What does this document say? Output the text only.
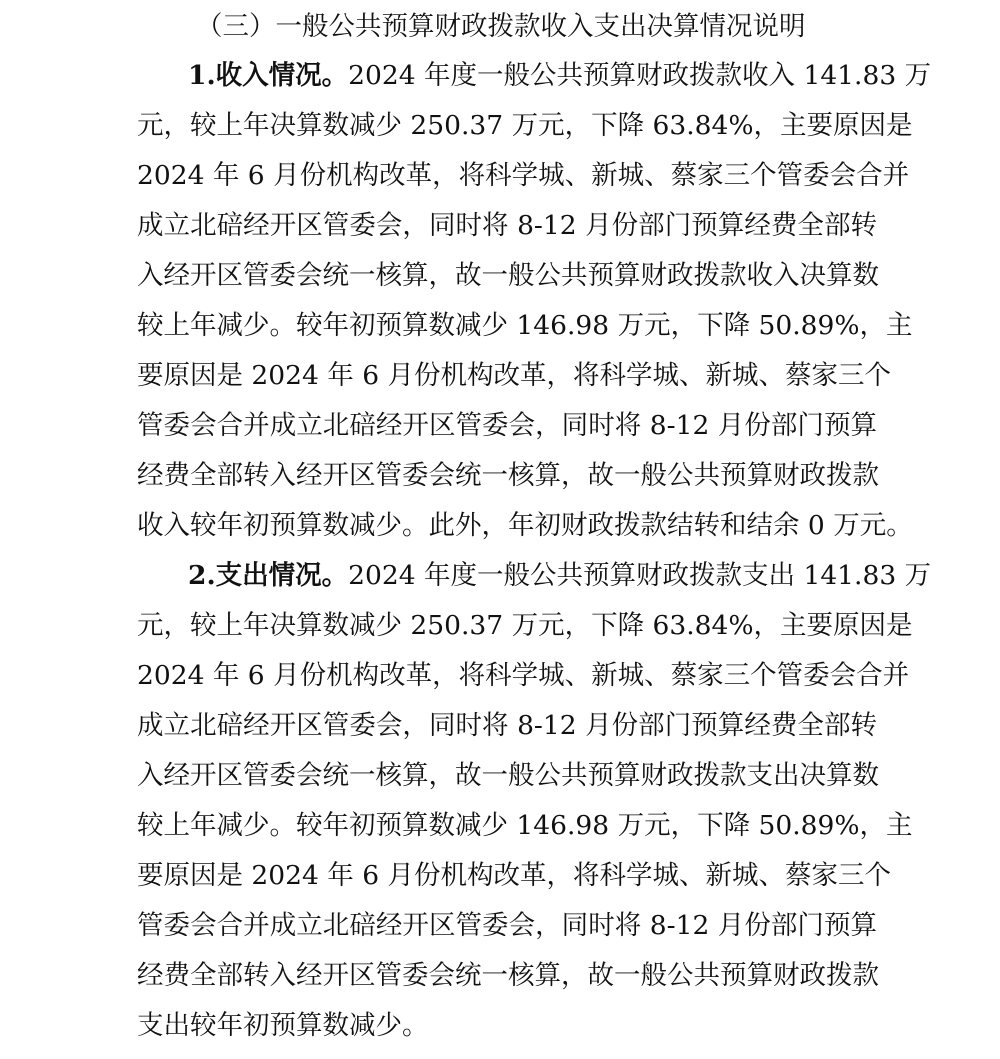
（三）一般公共预算财政拨款收入支出决算情况说明
1.收入情况。2024 年度一般公共预算财政拨款收入 141.83 万
元，较上年决算数减少 250.37 万元，下降 63.84%，主要原因是
2024 年 6 月份机构改革，将科学城、新城、蔡家三个管委会合并
成立北碚经开区管委会，同时将 8-12 月份部门预算经费全部转
入经开区管委会统一核算，故一般公共预算财政拨款收入决算数
较上年减少。较年初预算数减少 146.98 万元，下降 50.89%，主
要原因是 2024 年 6 月份机构改革，将科学城、新城、蔡家三个
管委会合并成立北碚经开区管委会，同时将 8-12 月份部门预算
经费全部转入经开区管委会统一核算，故一般公共预算财政拨款
收入较年初预算数减少。此外，年初财政拨款结转和结余 0 万元。
2.支出情况。2024 年度一般公共预算财政拨款支出 141.83 万
元，较上年决算数减少 250.37 万元，下降 63.84%，主要原因是
2024 年 6 月份机构改革，将科学城、新城、蔡家三个管委会合并
成立北碚经开区管委会，同时将 8-12 月份部门预算经费全部转
入经开区管委会统一核算，故一般公共预算财政拨款支出决算数
较上年减少。较年初预算数减少 146.98 万元，下降 50.89%，主
要原因是 2024 年 6 月份机构改革，将科学城、新城、蔡家三个
管委会合并成立北碚经开区管委会，同时将 8-12 月份部门预算
经费全部转入经开区管委会统一核算，故一般公共预算财政拨款
支出较年初预算数减少。
